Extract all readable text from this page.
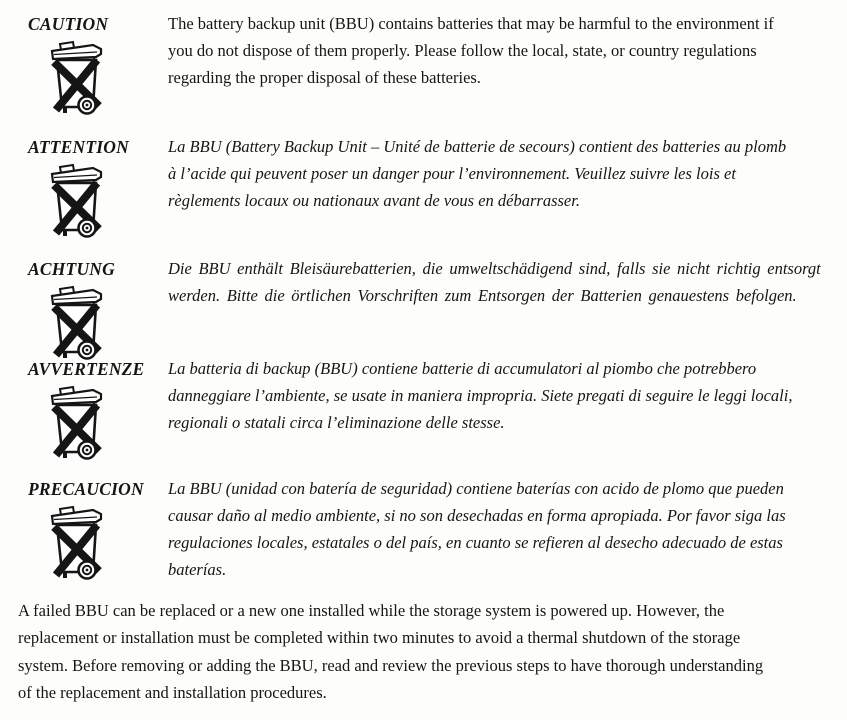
CAUTION	The battery backup unit (BBU) contains batteries that may be harmful to the environment if
you do not dispose of them properly. Please follow the local, state, or country regulations
regarding the proper disposal of these batteries.
ATTENTION	La BBU (Battery Backup Unit – Unité de batterie de secours) contient des batteries au plomb
à l’acide qui peuvent poser un danger pour l’environnement. Veuillez suivre les lois et
règlements locaux ou nationaux avant de vous en débarrasser.
ACHTUNG	Die BBU enthält Bleisäurebatterien, die umweltschädigend sind, falls sie nicht richtig entsorgt
werden. Bitte die örtlichen Vorschriften zum Entsorgen der Batterien genauestens befolgen.
AVVERTENZE	La batteria di backup (BBU) contiene batterie di accumulatori al piombo che potrebbero
danneggiare l’ambiente, se usate in maniera impropria. Siete pregati di seguire le leggi locali,
regionali o statali circa l’eliminazione delle stesse.
PRECAUCION	La BBU (unidad con batería de seguridad) contiene baterías con acido de plomo que pueden
causar daño al medio ambiente, si no son desechadas en forma apropiada. Por favor siga las
regulaciones locales, estatales o del país, en cuanto se refieren al desecho adecuado de estas
baterías.
A failed BBU can be replaced or a new one installed while the storage system is powered up. However, the
replacement or installation must be completed within two minutes to avoid a thermal shutdown of the storage
system. Before removing or adding the BBU, read and review the previous steps to have thorough understanding
of the replacement and installation procedures.
